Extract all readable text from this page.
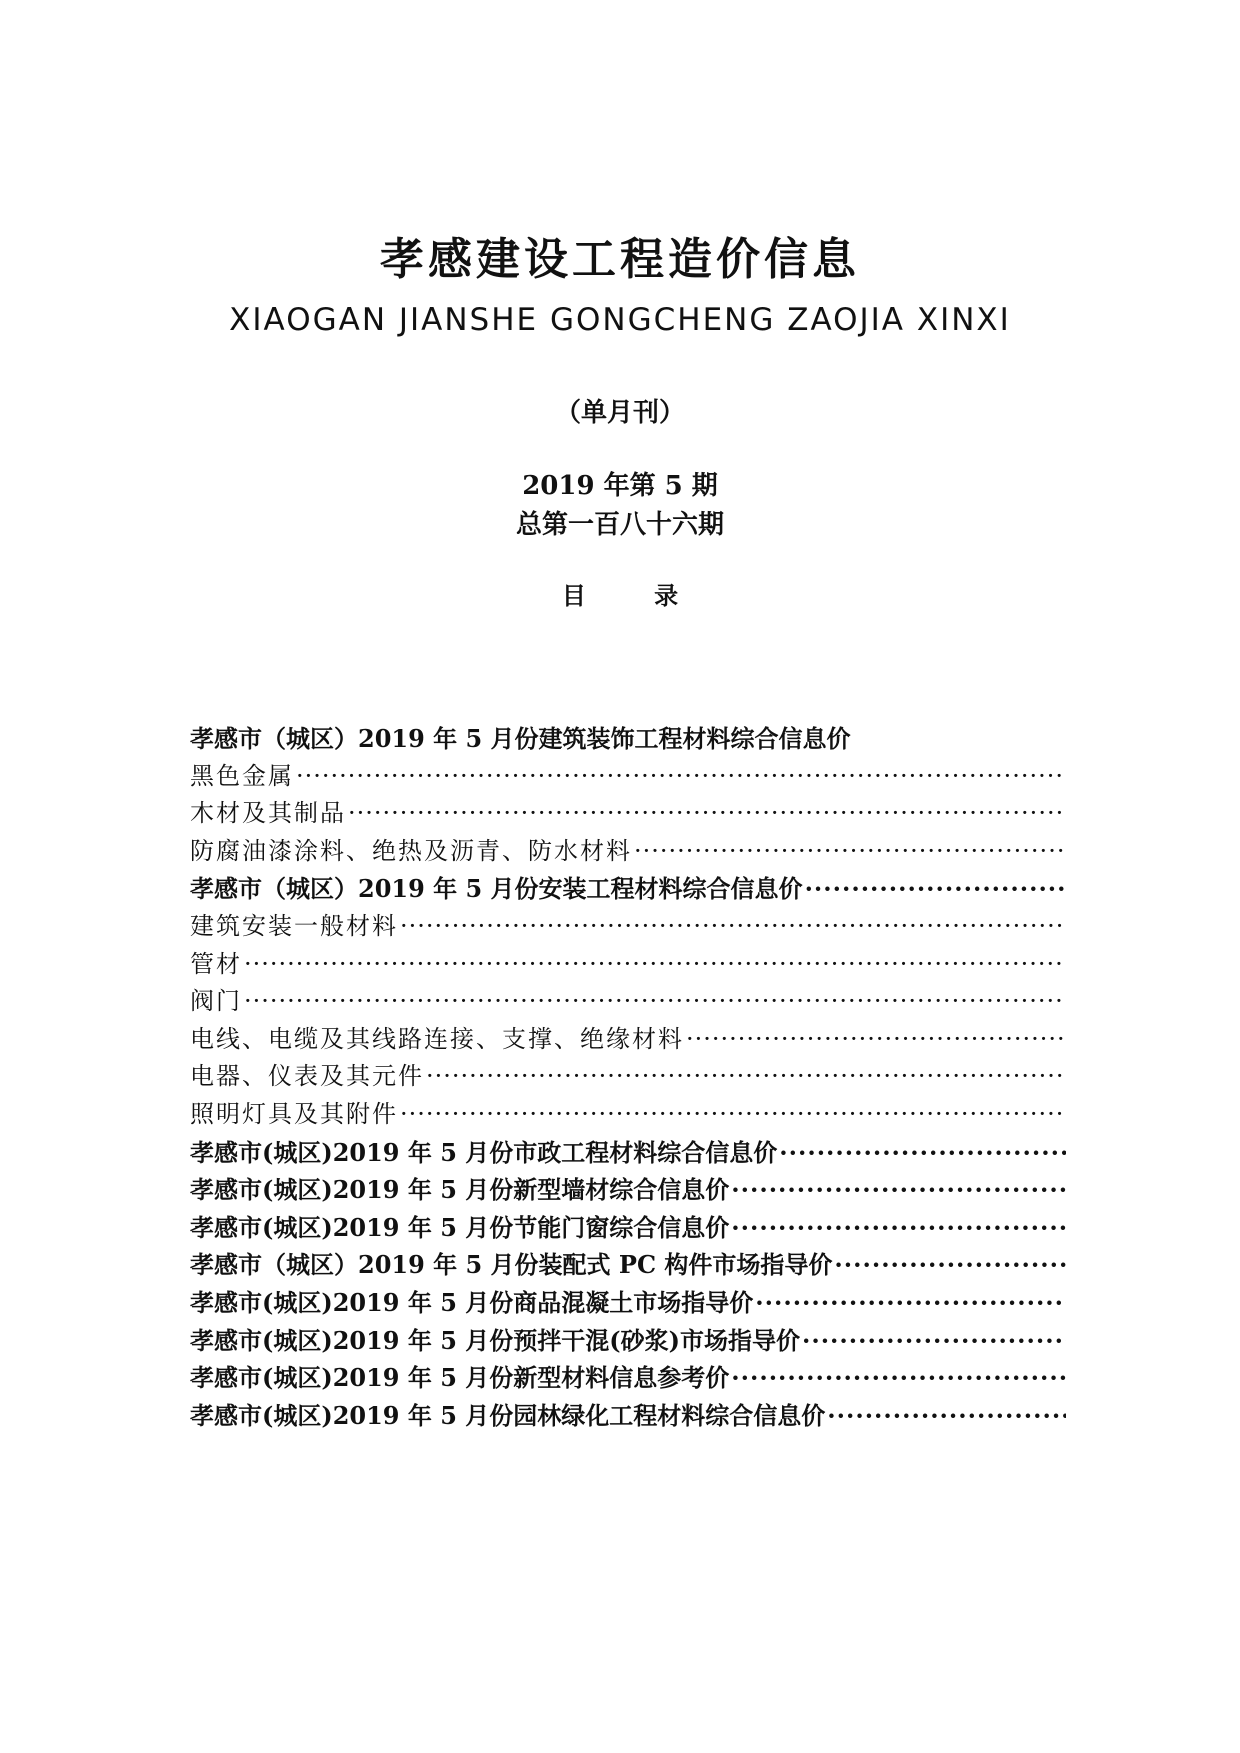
孝感建设工程造价信息
XIAOGAN JIANSHE GONGCHENG ZAOJIA XINXI
（单月刊）
2019 年第 5 期
总第一百八十六期
目 录
孝感市（城区）2019 年 5 月份建筑装饰工程材料综合信息价
黑色金属
·····
木材及其制品
·····
防腐油漆涂料、绝热及沥青、防水材料
·····
孝感市（城区）2019 年 5 月份安装工程材料综合信息价
·····
建筑安装一般材料
·····
管材
·····
阀门
·····
电线、电缆及其线路连接、支撑、绝缘材料
·····
电器、仪表及其元件
·····
照明灯具及其附件
·····
孝感市(城区)2019 年 5 月份市政工程材料综合信息价
·····
孝感市(城区)2019 年 5 月份新型墙材综合信息价
·····
孝感市(城区)2019 年 5 月份节能门窗综合信息价
·····
孝感市（城区）2019 年 5 月份装配式 PC 构件市场指导价
·····
孝感市(城区)2019 年 5 月份商品混凝土市场指导价
·····
孝感市(城区)2019 年 5 月份预拌干混(砂浆)市场指导价
·····
孝感市(城区)2019 年 5 月份新型材料信息参考价
·····
孝感市(城区)2019 年 5 月份园林绿化工程材料综合信息价
·····
